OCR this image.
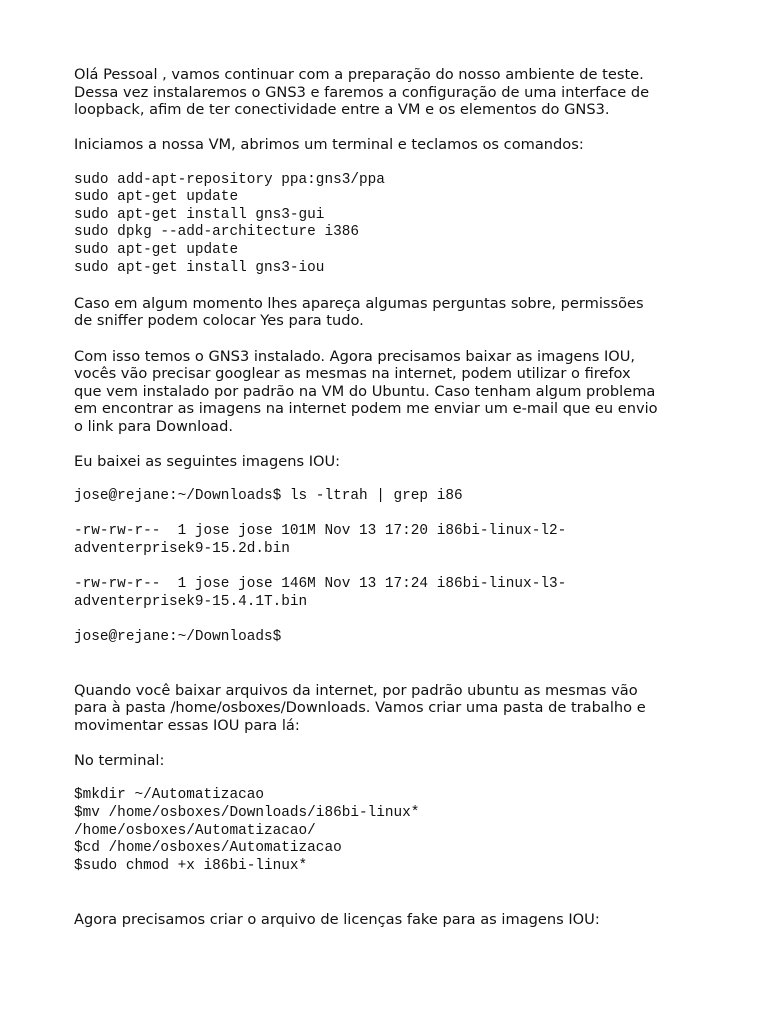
Olá Pessoal , vamos continuar com a preparação do nosso ambiente de teste.
Dessa vez instalaremos o GNS3 e faremos a configuração de uma interface de
loopback, afim de ter conectividade entre a VM e os elementos do GNS3.

Iniciamos a nossa VM, abrimos um terminal e teclamos os comandos:

sudo add-apt-repository ppa:gns3/ppa
sudo apt-get update
sudo apt-get install gns3-gui
sudo dpkg --add-architecture i386
sudo apt-get update
sudo apt-get install gns3-iou

Caso em algum momento lhes apareça algumas perguntas sobre, permissões
de sniffer podem colocar Yes para tudo.

Com isso temos o GNS3 instalado. Agora precisamos baixar as imagens IOU,
vocês vão precisar googlear as mesmas na internet, podem utilizar o firefox
que vem instalado por padrão na VM do Ubuntu. Caso tenham algum problema
em encontrar as imagens na internet podem me enviar um e-mail que eu envio
o link para Download.

Eu baixei as seguintes imagens IOU:

jose@rejane:~/Downloads$ ls -ltrah | grep i86
-rw-rw-r--  1 jose jose 101M Nov 13 17:20 i86bi-linux-l2-
adventerprisek9-15.2d.bin
-rw-rw-r--  1 jose jose 146M Nov 13 17:24 i86bi-linux-l3-
adventerprisek9-15.4.1T.bin
jose@rejane:~/Downloads$

Quando você baixar arquivos da internet, por padrão ubuntu as mesmas vão
para à pasta /home/osboxes/Downloads. Vamos criar uma pasta de trabalho e
movimentar essas IOU para lá:

No terminal:

$mkdir ~/Automatizacao
$mv /home/osboxes/Downloads/i86bi-linux*
/home/osboxes/Automatizacao/
$cd /home/osboxes/Automatizacao
$sudo chmod +x i86bi-linux*

Agora precisamos criar o arquivo de licenças fake para as imagens IOU:
